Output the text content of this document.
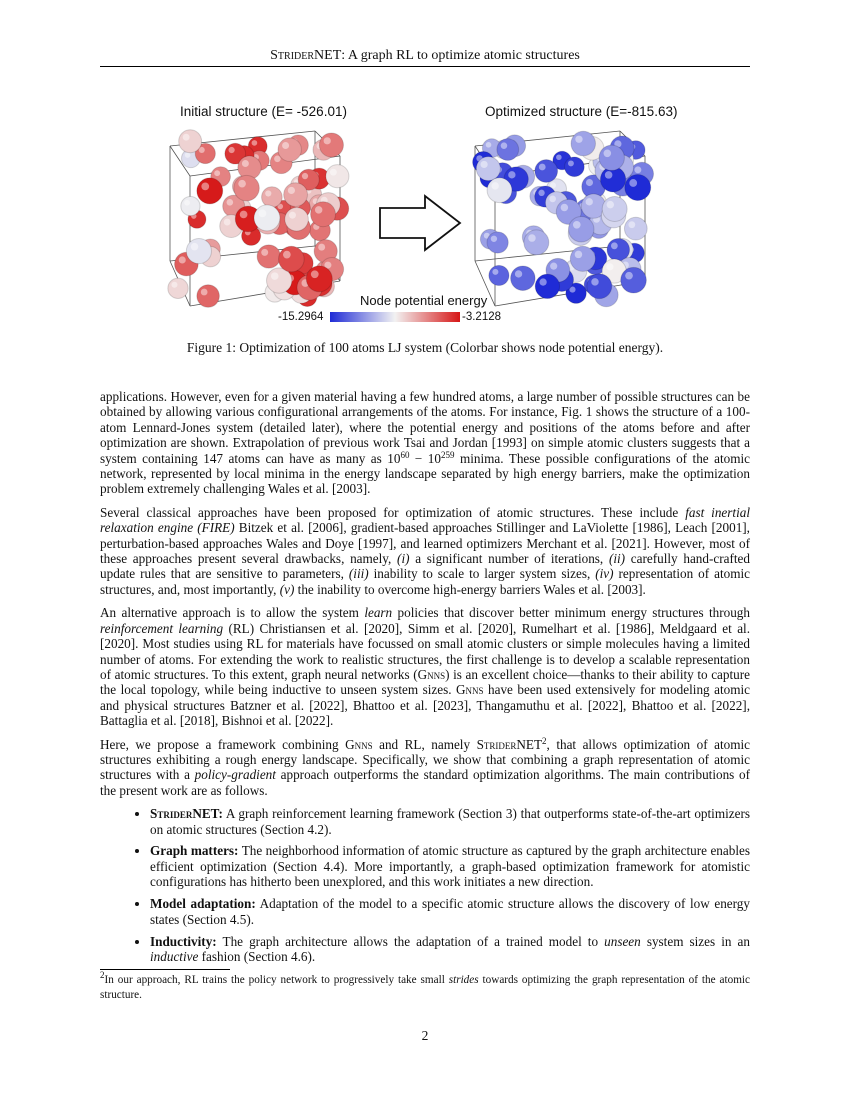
StriderNET: A graph RL to optimize atomic structures
Initial structure (E= -526.01)	Optimized structure (E=-815.63)
Node potential energy
-15.2964	-3.2128
Figure 1: Optimization of 100 atoms LJ system (Colorbar shows node potential energy).

applications. However, even for a given material having a few hundred atoms, a large number of possible structures can be obtained by allowing various configurational arrangements of the atoms. For instance, Fig. 1 shows the structure of a 100-atom Lennard-Jones system (detailed later), where the potential energy and positions of the atoms before and after optimization are shown. Extrapolation of previous work Tsai and Jordan [1993] on simple atomic clusters suggests that a system containing 147 atoms can have as many as $10^{60} - 10^{259}$ minima. These possible configurations of the atomic network, represented by local minima in the energy landscape separated by high energy barriers, make the optimization problem extremely challenging Wales et al. [2003].

Several classical approaches have been proposed for optimization of atomic structures. These include fast inertial relaxation engine (FIRE) Bitzek et al. [2006], gradient-based approaches Stillinger and LaViolette [1986], Leach [2001], perturbation-based approaches Wales and Doye [1997], and learned optimizers Merchant et al. [2021]. However, most of these approaches present several drawbacks, namely, (i) a significant number of iterations, (ii) carefully hand-crafted update rules that are sensitive to parameters, (iii) inability to scale to larger system sizes, (iv) representation of atomic structures, and, most importantly, (v) the inability to overcome high-energy barriers Wales et al. [2003].

An alternative approach is to allow the system learn policies that discover better minimum energy structures through reinforcement learning (RL) Christiansen et al. [2020], Simm et al. [2020], Rumelhart et al. [1986], Meldgaard et al. [2020]. Most studies using RL for materials have focussed on small atomic clusters or simple molecules having a limited number of atoms. For extending the work to realistic structures, the first challenge is to develop a scalable representation of atomic structures. To this extent, graph neural networks (Gnns) is an excellent choice—thanks to their ability to capture the local topology, while being inductive to unseen system sizes. Gnns have been used extensively for modeling atomic and physical structures Batzner et al. [2022], Bhattoo et al. [2023], Thangamuthu et al. [2022], Bhattoo et al. [2022], Battaglia et al. [2018], Bishnoi et al. [2022].

Here, we propose a framework combining Gnns and RL, namely StriderNET$^2$, that allows optimization of atomic structures exhibiting a rough energy landscape. Specifically, we show that combining a graph representation of atomic structures with a policy-gradient approach outperforms the standard optimization algorithms. The main contributions of the present work are as follows.

• StriderNET: A graph reinforcement learning framework (Section 3) that outperforms state-of-the-art optimizers on atomic structures (Section 4.2).
• Graph matters: The neighborhood information of atomic structure as captured by the graph architecture enables efficient optimization (Section 4.4). More importantly, a graph-based optimization framework for atomistic configurations has hitherto been unexplored, and this work initiates a new direction.
• Model adaptation: Adaptation of the model to a specific atomic structure allows the discovery of low energy states (Section 4.5).
• Inductivity: The graph architecture allows the adaptation of a trained model to unseen system sizes in an inductive fashion (Section 4.6).
$^2$In our approach, RL trains the policy network to progressively take small strides towards optimizing the graph representation of the atomic structure.
2
